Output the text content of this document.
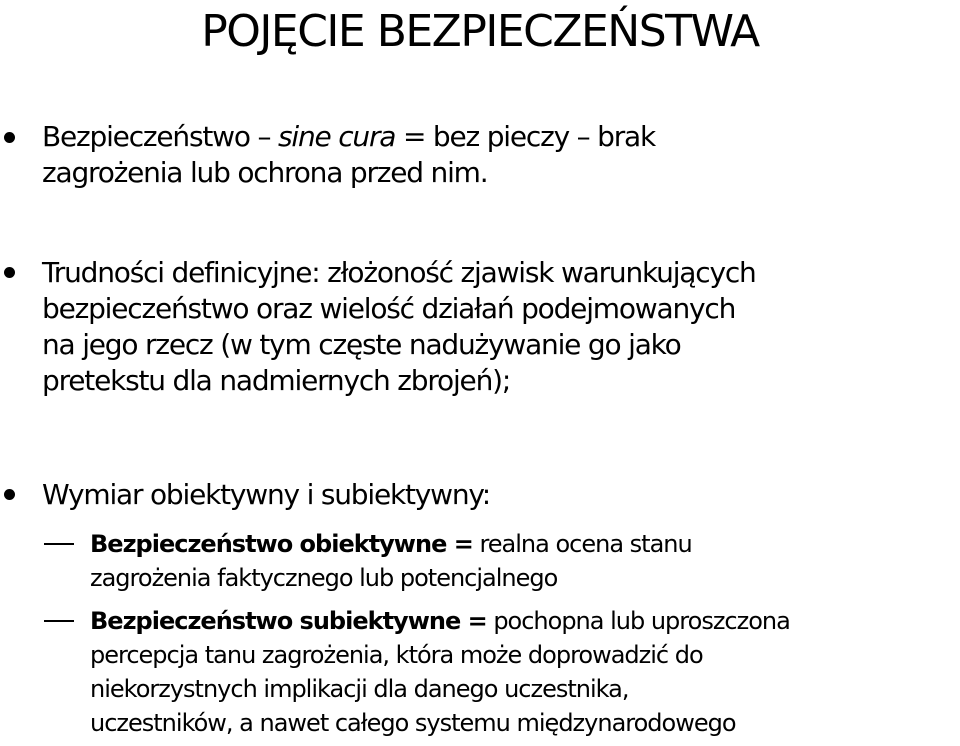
POJĘCIE BEZPIECZEŃSTWA
Bezpieczeństwo – sine cura = bez pieczy – brak
zagrożenia lub ochrona przed nim.
Trudności definicyjne: złożoność zjawisk warunkujących
bezpieczeństwo oraz wielość działań podejmowanych
na jego rzecz (w tym częste nadużywanie go jako
pretekstu dla nadmiernych zbrojeń);
Wymiar obiektywny i subiektywny:
Bezpieczeństwo obiektywne = realna ocena stanu
zagrożenia faktycznego lub potencjalnego
Bezpieczeństwo subiektywne = pochopna lub uproszczona
percepcja tanu zagrożenia, która może doprowadzić do
niekorzystnych implikacji dla danego uczestnika,
uczestników, a nawet całego systemu międzynarodowego
